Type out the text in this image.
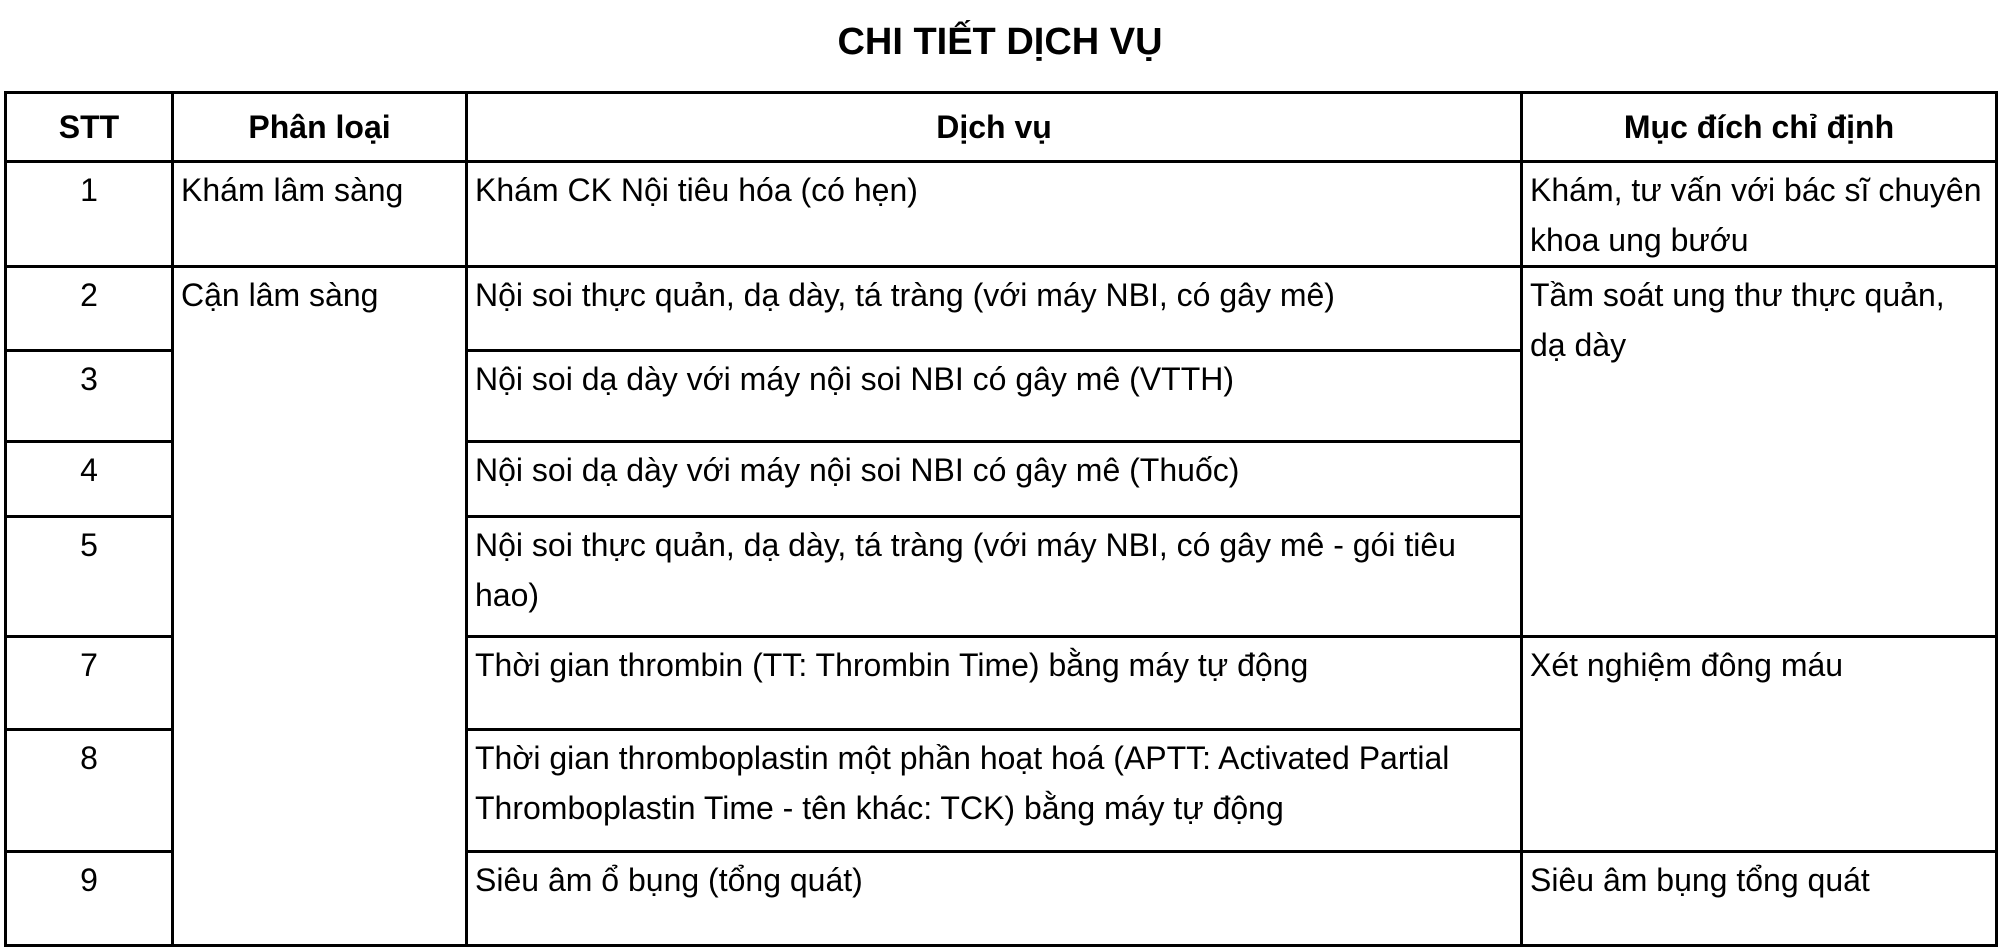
CHI TIẾT DỊCH VỤ
STT	Phân loại	Dịch vụ	Mục đích chỉ định
1	Khám lâm sàng	Khám CK Nội tiêu hóa (có hẹn)	Khám, tư vấn với bác sĩ chuyên khoa ung bướu
2	Cận lâm sàng	Nội soi thực quản, dạ dày, tá tràng (với máy NBI, có gây mê)	Tầm soát ung thư thực quản, dạ dày
3		Nội soi dạ dày với máy nội soi NBI có gây mê (VTTH)	
4		Nội soi dạ dày với máy nội soi NBI có gây mê (Thuốc)	
5		Nội soi thực quản, dạ dày, tá tràng (với máy NBI, có gây mê - gói tiêu hao)	
7		Thời gian thrombin (TT: Thrombin Time) bằng máy tự động	Xét nghiệm đông máu
8		Thời gian thromboplastin một phần hoạt hoá (APTT: Activated Partial Thromboplastin Time - tên khác: TCK) bằng máy tự động	
9		Siêu âm ổ bụng (tổng quát)	Siêu âm bụng tổng quát
